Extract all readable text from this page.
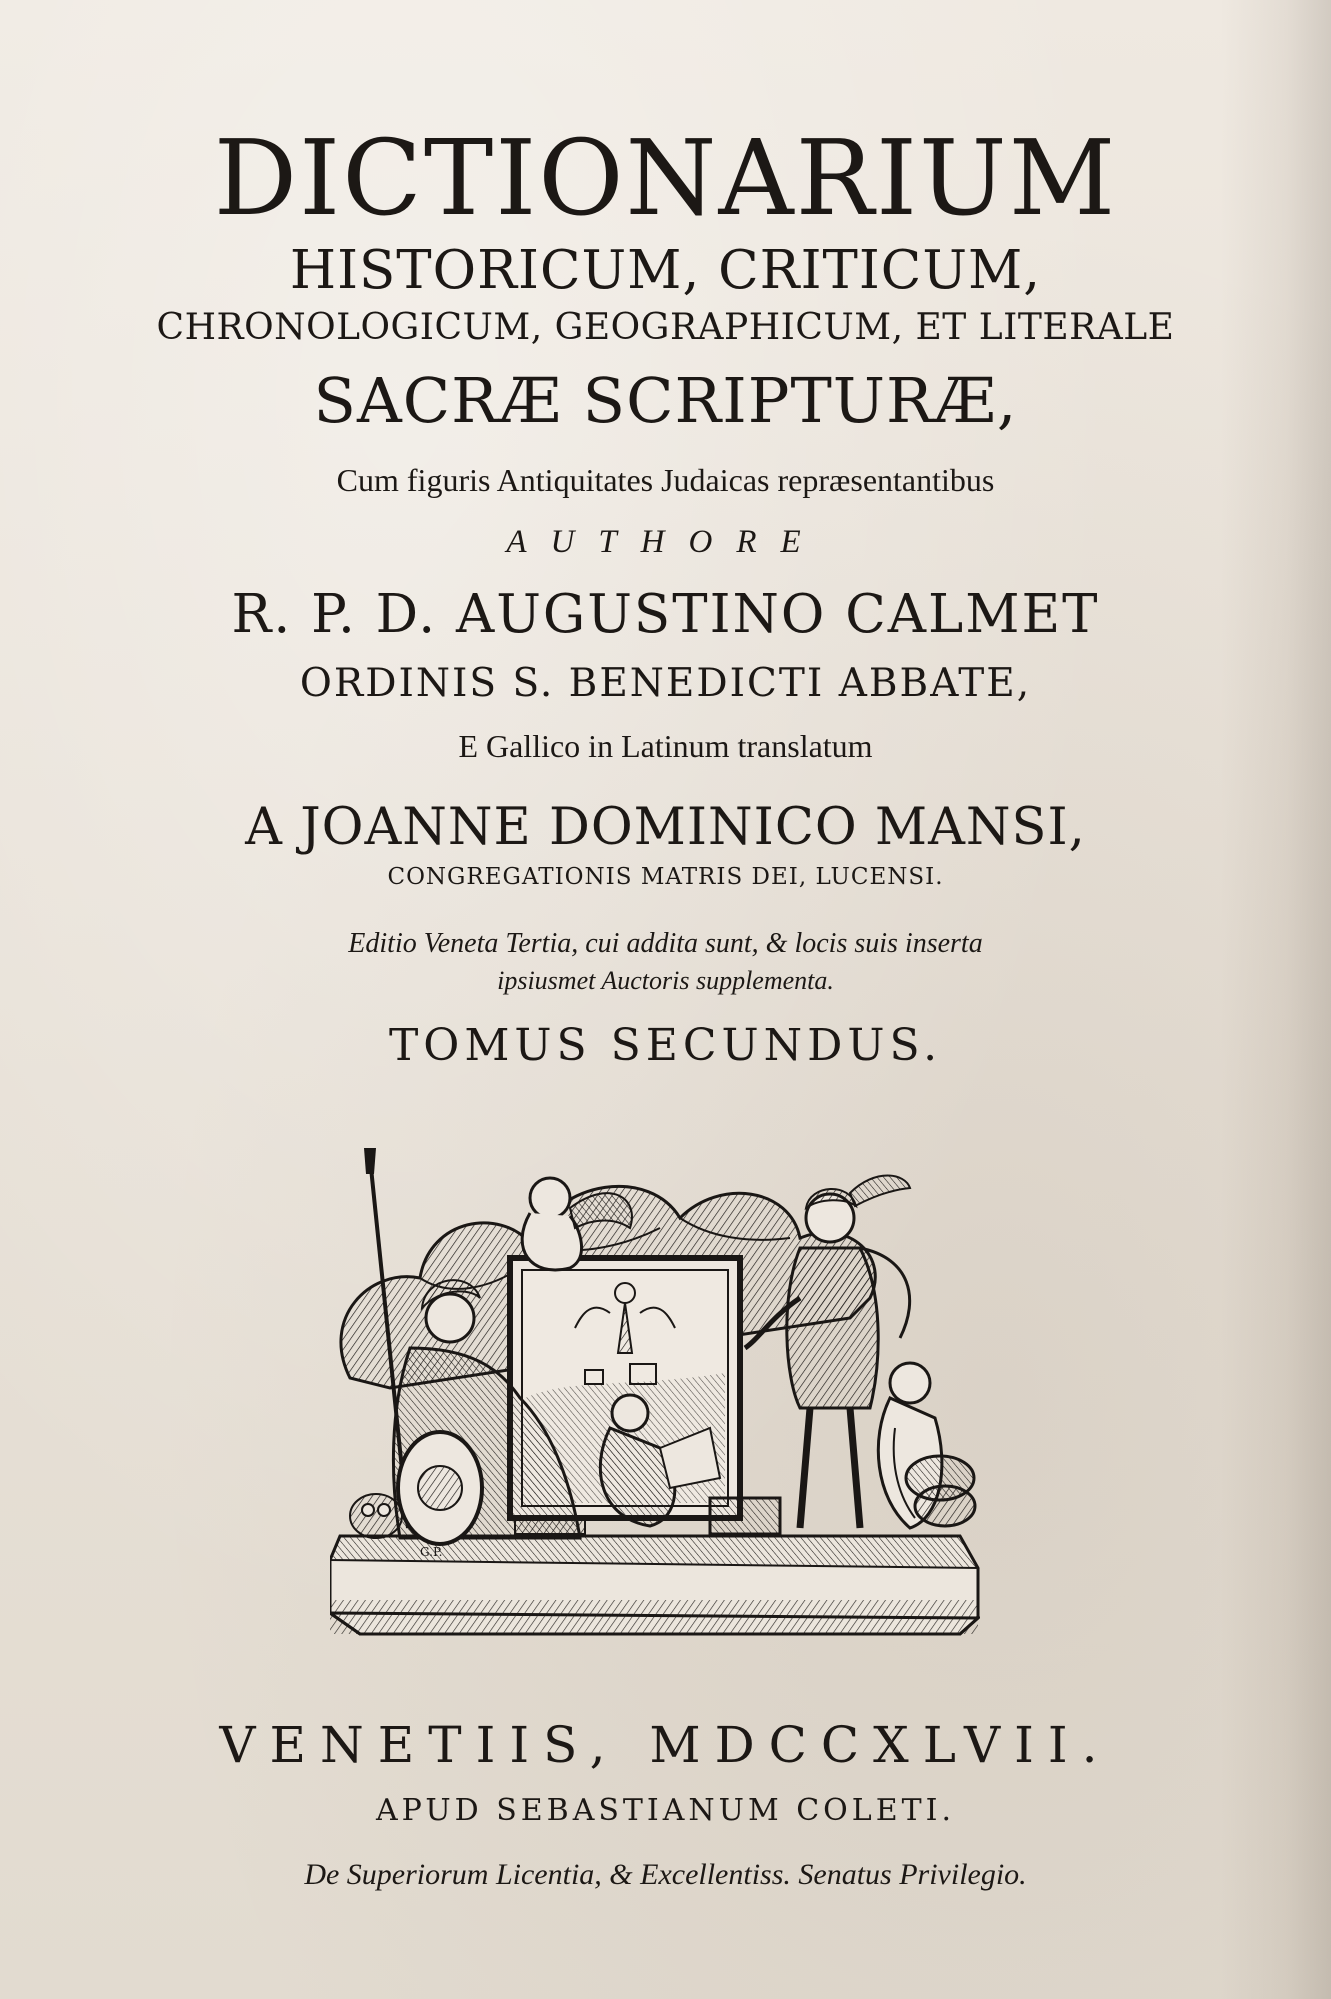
DICTIONARIUM
HISTORICUM, CRITICUM,
CHRONOLOGICUM, GEOGRAPHICUM, ET LITERALE
SACRÆ SCRIPTURÆ,
Cum figuris Antiquitates Judaicas repræsentantibus
AUTHORE
R. P. D. AUGUSTINO CALMET
ORDINIS S. BENEDICTI ABBATE,
E Gallico in Latinum translatum
A JOANNE DOMINICO MANSI,
CONGREGATIONIS MATRIS DEI, LUCENSI.
Editio Veneta Tertia, cui addita sunt, & locis suis inserta
ipsiusmet Auctoris supplementa.
TOMUS SECUNDUS.
G.P.
VENETIIS, MDCCXLVII.
APUD SEBASTIANUM COLETI.
De Superiorum Licentia, & Excellentiss. Senatus Privilegio.
